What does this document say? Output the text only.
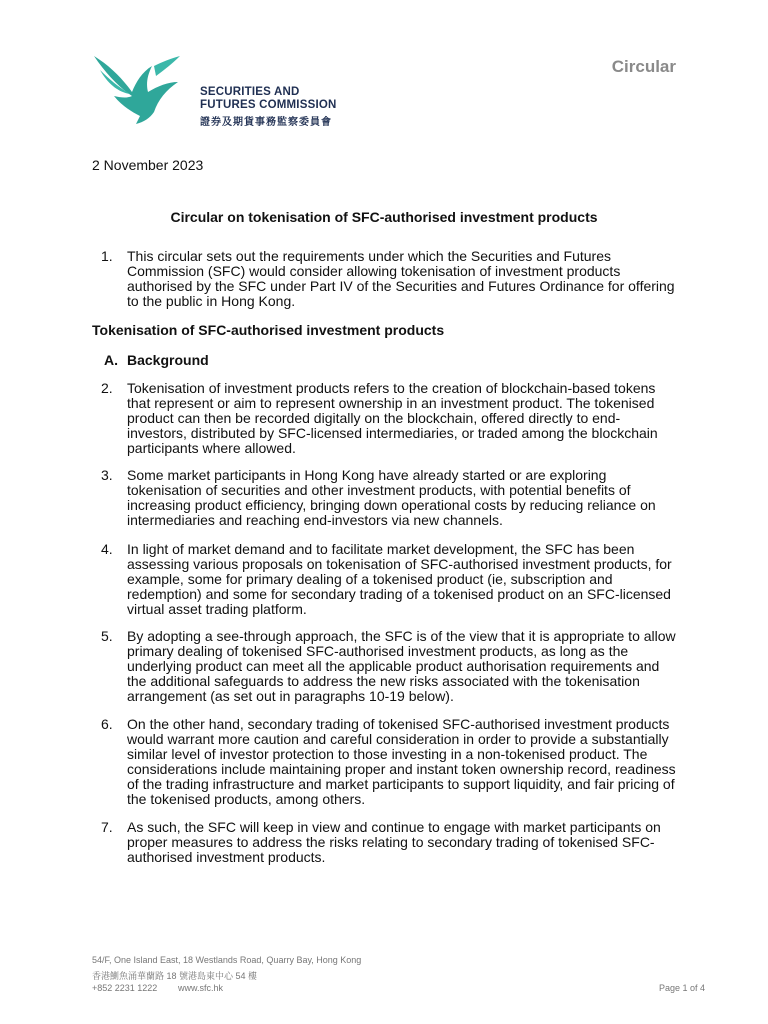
SECURITIES AND
FUTURES COMMISSION
證券及期貨事務監察委員會
Circular
2 November 2023
Circular on tokenisation of SFC-authorised investment products
1. This circular sets out the requirements under which the Securities and Futures Commission (SFC) would consider allowing tokenisation of investment products authorised by the SFC under Part IV of the Securities and Futures Ordinance for offering to the public in Hong Kong.
Tokenisation of SFC-authorised investment products
A. Background
2. Tokenisation of investment products refers to the creation of blockchain-based tokens that represent or aim to represent ownership in an investment product. The tokenised product can then be recorded digitally on the blockchain, offered directly to end-investors, distributed by SFC-licensed intermediaries, or traded among the blockchain participants where allowed.
3. Some market participants in Hong Kong have already started or are exploring tokenisation of securities and other investment products, with potential benefits of increasing product efficiency, bringing down operational costs by reducing reliance on intermediaries and reaching end-investors via new channels.
4. In light of market demand and to facilitate market development, the SFC has been assessing various proposals on tokenisation of SFC-authorised investment products, for example, some for primary dealing of a tokenised product (ie, subscription and redemption) and some for secondary trading of a tokenised product on an SFC-licensed virtual asset trading platform.
5. By adopting a see-through approach, the SFC is of the view that it is appropriate to allow primary dealing of tokenised SFC-authorised investment products, as long as the underlying product can meet all the applicable product authorisation requirements and the additional safeguards to address the new risks associated with the tokenisation arrangement (as set out in paragraphs 10-19 below).
6. On the other hand, secondary trading of tokenised SFC-authorised investment products would warrant more caution and careful consideration in order to provide a substantially similar level of investor protection to those investing in a non-tokenised product. The considerations include maintaining proper and instant token ownership record, readiness of the trading infrastructure and market participants to support liquidity, and fair pricing of the tokenised products, among others.
7. As such, the SFC will keep in view and continue to engage with market participants on proper measures to address the risks relating to secondary trading of tokenised SFC-authorised investment products.
54/F, One Island East, 18 Westlands Road, Quarry Bay, Hong Kong
香港鰂魚涌華蘭路 18 號港島東中心 54 樓
+852 2231 1222 www.sfc.hk	Page 1 of 4
